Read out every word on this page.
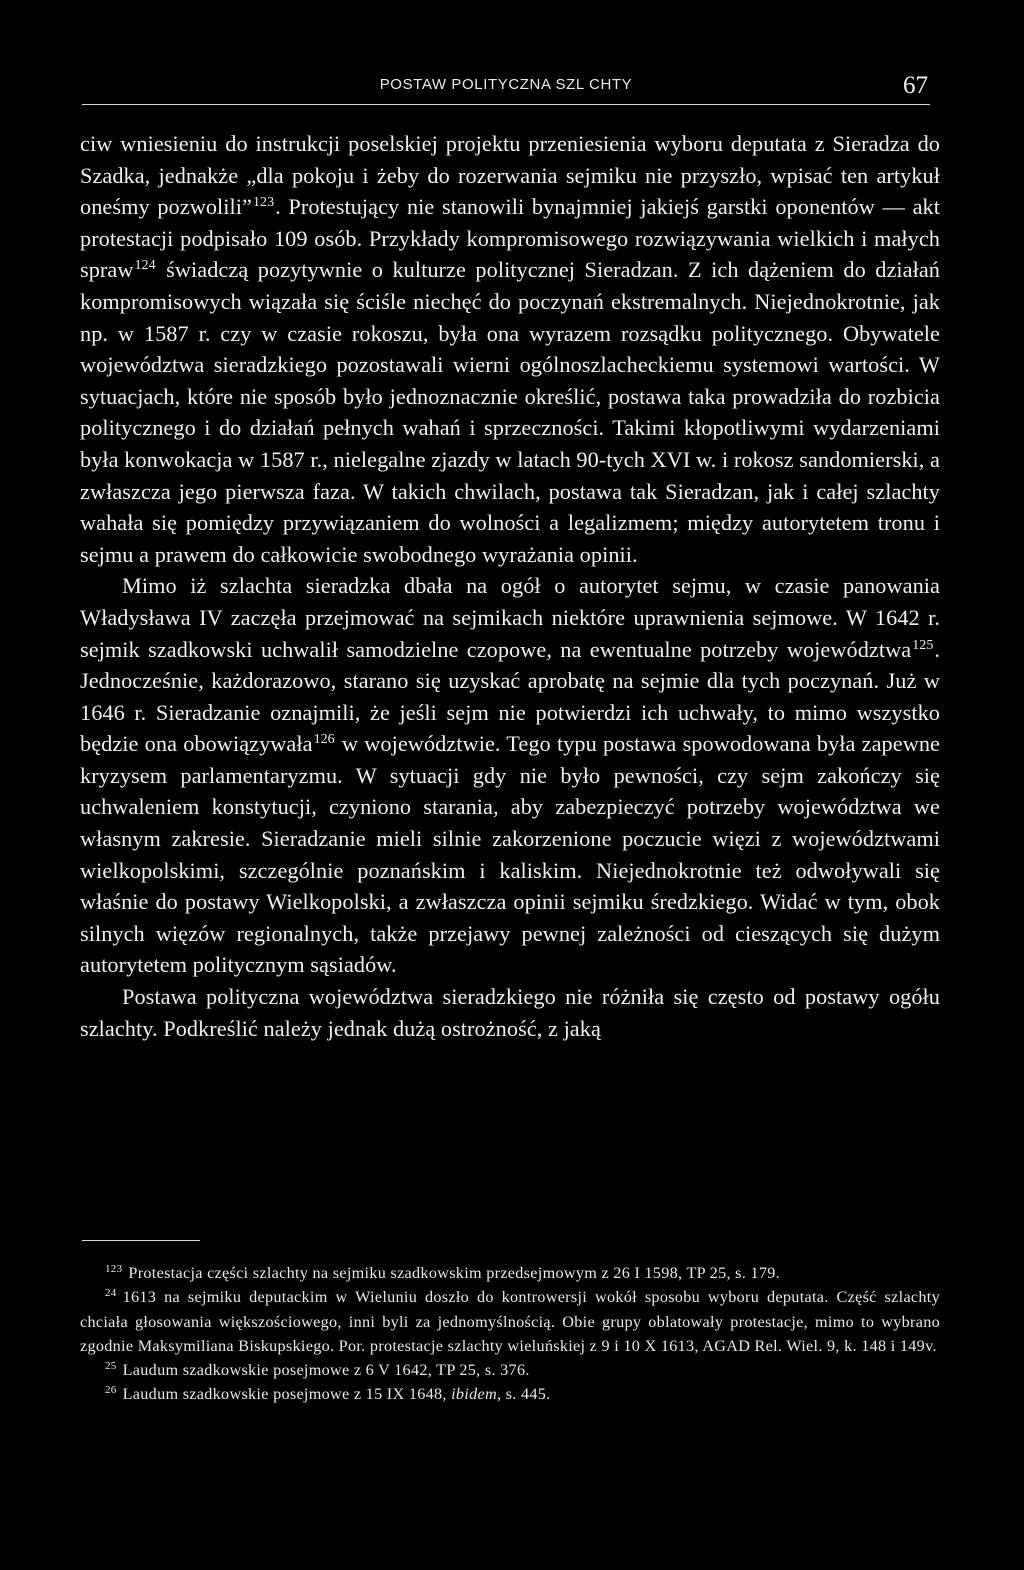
POSTAW POLITYCZNA SZL CHTY	67

ciw wniesieniu do instrukcji poselskiej projektu przeniesienia wyboru deputata z Sieradza do Szadka, jednakże „dla pokoju i żeby do rozerwania sejmiku nie przyszło, wpisać ten artykuł oneśmy pozwolili”$^{123}$. Protestujący nie stanowili bynajmniej jakiejś garstki oponentów — akt protestacji podpisało 109 osób. Przykłady kompromisowego rozwiązywania wielkich i małych spraw$^{124}$ świadczą pozytywnie o kulturze politycznej Sieradzan. Z ich dążeniem do działań kompromisowych wiązała się ściśle niechęć do poczynań ekstremalnych. Niejednokrotnie, jak np. w 1587 r. czy w czasie rokoszu, była ona wyrazem rozsądku politycznego. Obywatele województwa sieradzkiego pozostawali wierni ogólnoszlacheckiemu systemowi wartości. W sytuacjach, które nie sposób było jednoznacznie określić, postawa taka prowadziła do rozbicia politycznego i do działań pełnych wahań i sprzeczności. Takimi kłopotliwymi wydarzeniami była konwokacja w 1587 r., nielegalne zjazdy w latach 90-tych XVI w. i rokosz sandomierski, a zwłaszcza jego pierwsza faza. W takich chwilach, postawa tak Sieradzan, jak i całej szlachty wahała się pomiędzy przywiązaniem do wolności a legalizmem; między autorytetem tronu i sejmu a prawem do całkowicie swobodnego wyrażania opinii.

Mimo iż szlachta sieradzka dbała na ogół o autorytet sejmu, w czasie panowania Władysława IV zaczęła przejmować na sejmikach niektóre uprawnienia sejmowe. W 1642 r. sejmik szadkowski uchwalił samodzielne czopowe, na ewentualne potrzeby województwa$^{125}$. Jednocześnie, każdorazowo, starano się uzyskać aprobatę na sejmie dla tych poczynań. Już w 1646 r. Sieradzanie oznajmili, że jeśli sejm nie potwierdzi ich uchwały, to mimo wszystko będzie ona obowiązywała$^{126}$ w województwie. Tego typu postawa spowodowana była zapewne kryzysem parlamentaryzmu. W sytuacji gdy nie było pewności, czy sejm zakończy się uchwaleniem konstytucji, czyniono starania, aby zabezpieczyć potrzeby województwa we własnym zakresie. Sieradzanie mieli silnie zakorzenione poczucie więzi z województwami wielkopolskimi, szczególnie poznańskim i kaliskim. Niejednokrotnie też odwoływali się właśnie do postawy Wielkopolski, a zwłaszcza opinii sejmiku średzkiego. Widać w tym, obok silnych więzów regionalnych, także przejawy pewnej zależności od cieszących się dużym autorytetem politycznym sąsiadów.

Postawa polityczna województwa sieradzkiego nie różniła się często od postawy ogółu szlachty. Podkreślić należy jednak dużą ostrożność, z jaką

$^{123}$ Protestacja części szlachty na sejmiku szadkowskim przedsejmowym z 26 I 1598, TP 25, s. 179.

$^{24}$ 1613 na sejmiku deputackim w Wieluniu doszło do kontrowersji wokół sposobu wyboru deputata. Część szlachty chciała głosowania większościowego, inni byli za jednomyślnością. Obie grupy oblatowały protestacje, mimo to wybrano zgodnie Maksymiliana Biskupskiego. Por. protestacje szlachty wieluńskiej z 9 i 10 X 1613, AGAD Rel. Wiel. 9, k. 148 i 149v.

$^{25}$ Laudum szadkowskie posejmowe z 6 V 1642, TP 25, s. 376.

$^{26}$ Laudum szadkowskie posejmowe z 15 IX 1648, ibidem, s. 445.
